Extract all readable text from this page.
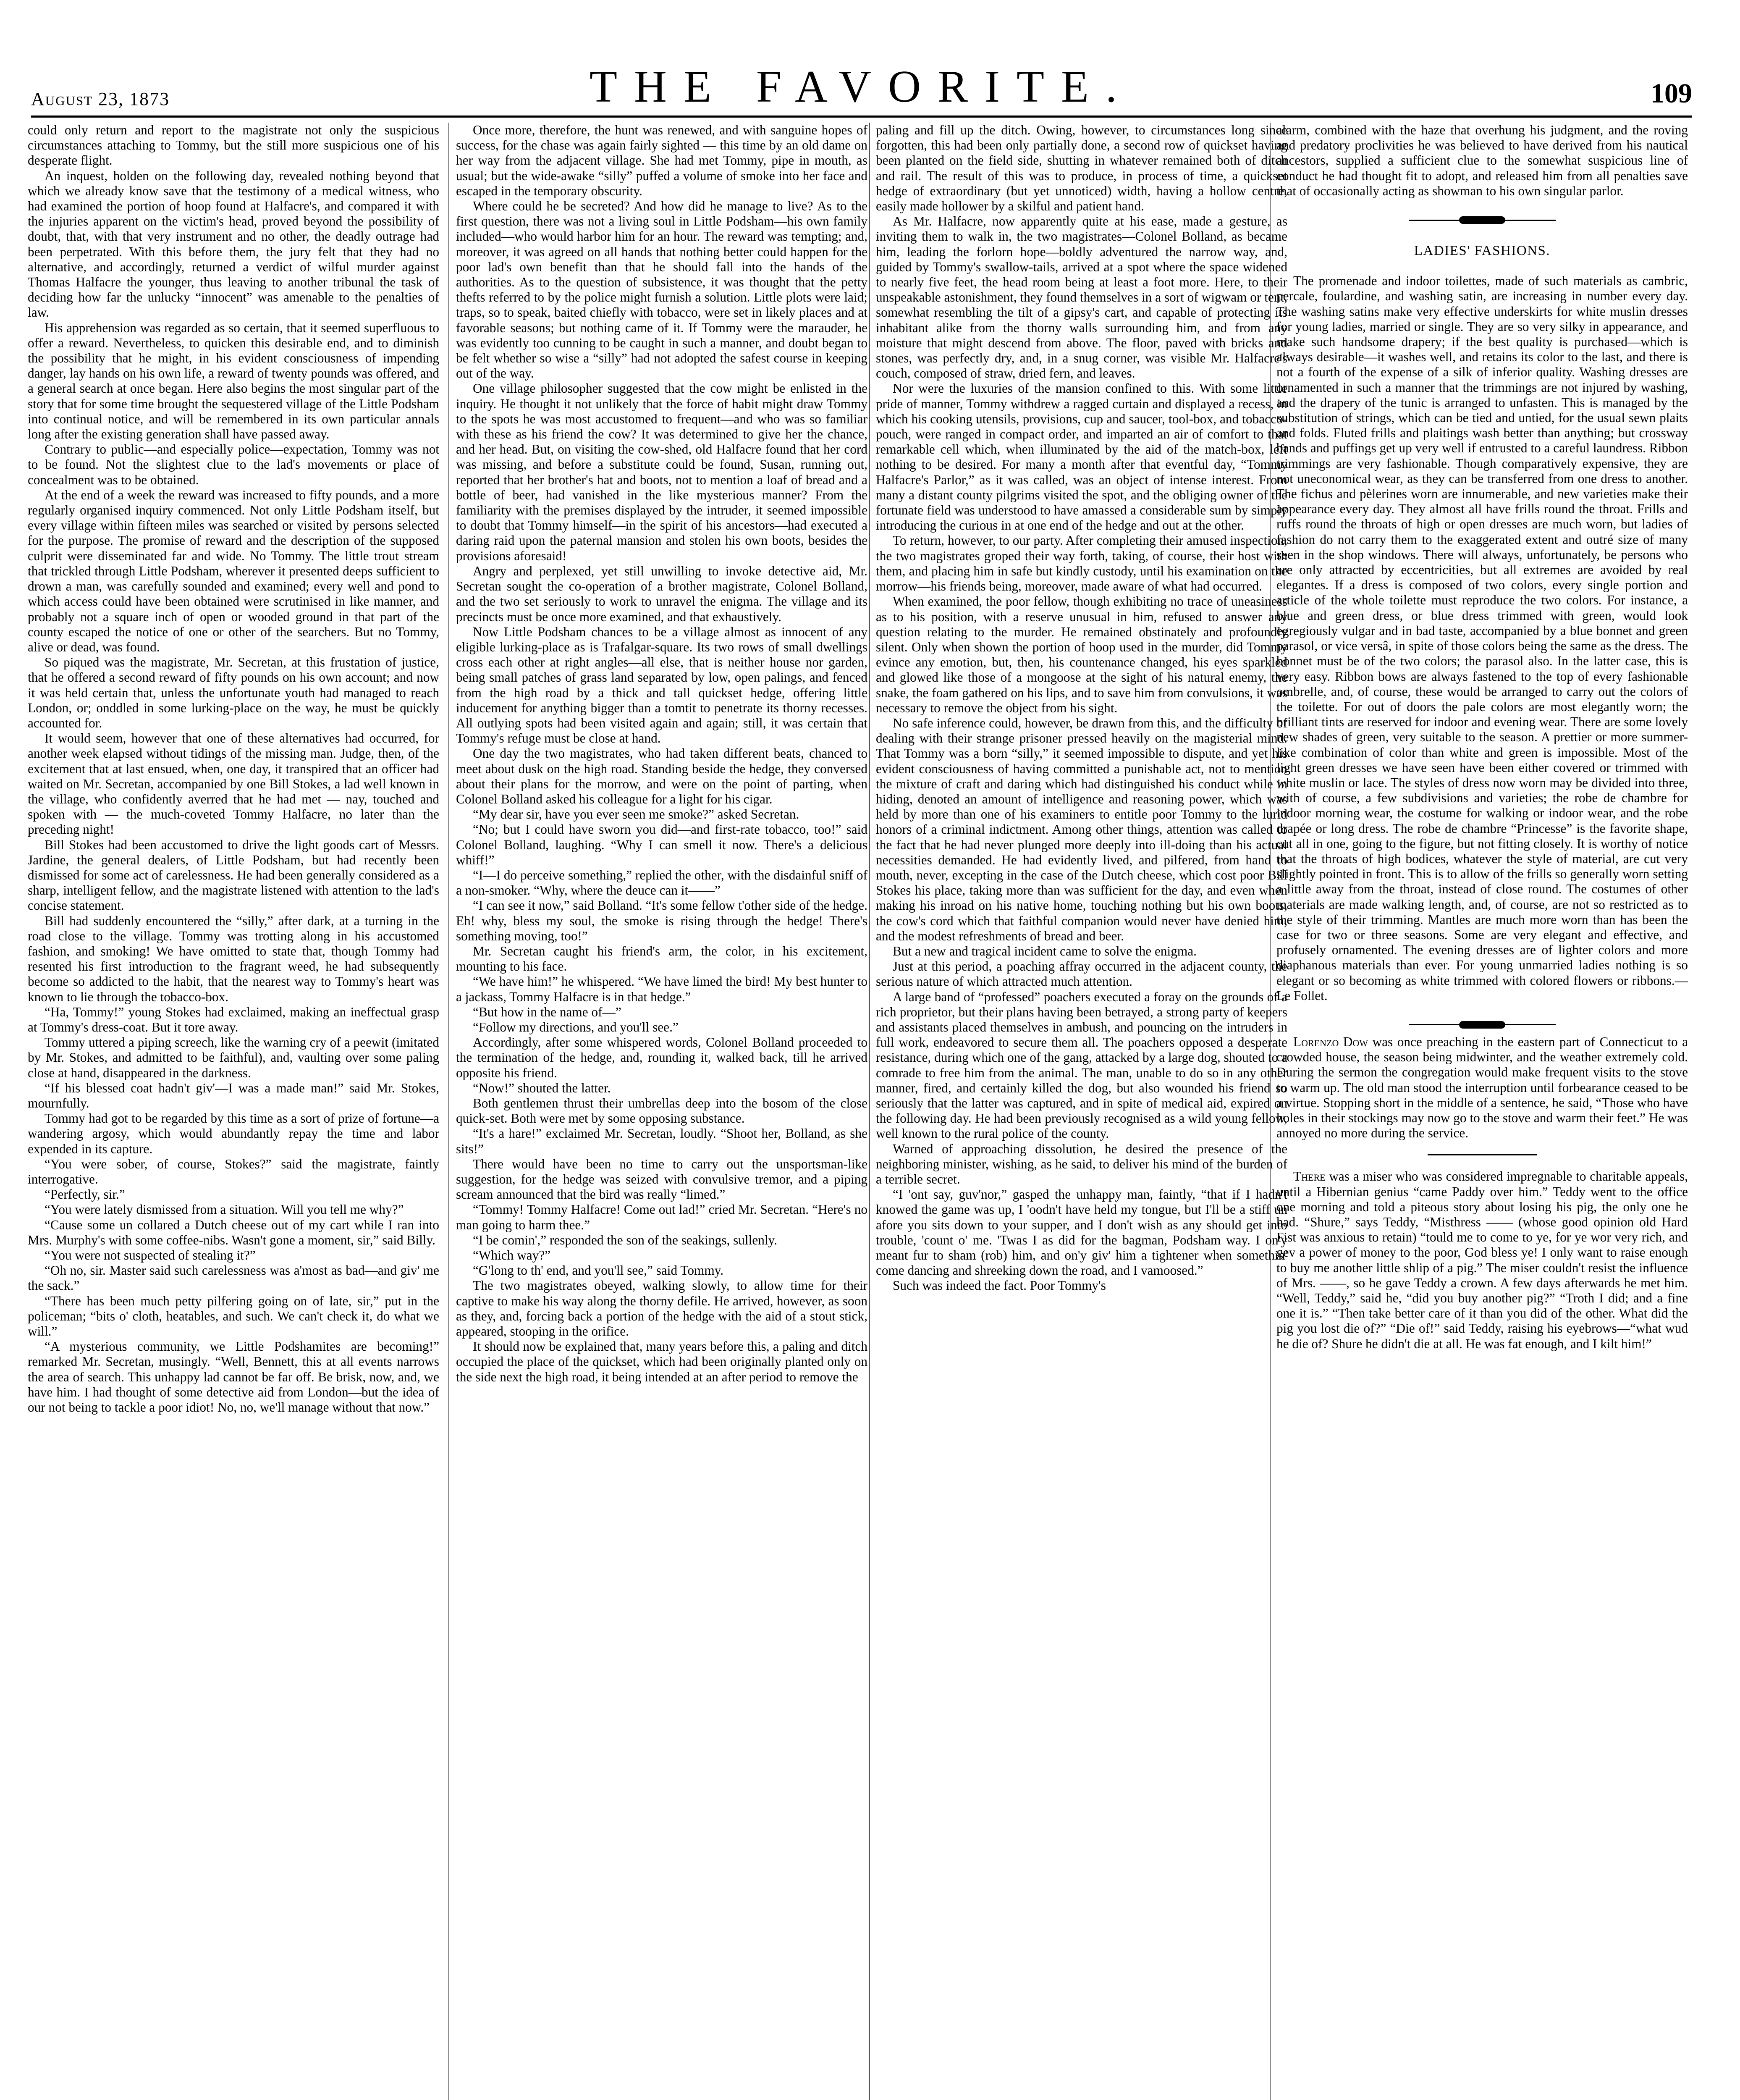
August 23, 1873	THE FAVORITE.	109

could only return and report to the magistrate not only the suspicious circumstances attaching to Tommy, but the still more suspicious one of his desperate flight.

An inquest, holden on the following day, revealed nothing beyond that which we already know save that the testimony of a medical witness, who had examined the portion of hoop found at Halfacre's, and compared it with the injuries apparent on the victim's head, proved beyond the possibility of doubt, that, with that very instrument and no other, the deadly outrage had been perpetrated. With this before them, the jury felt that they had no alternative, and accordingly, returned a verdict of wilful murder against Thomas Halfacre the younger, thus leaving to another tribunal the task of deciding how far the unlucky “innocent” was amenable to the penalties of law.

His apprehension was regarded as so certain, that it seemed superfluous to offer a reward. Nevertheless, to quicken this desirable end, and to diminish the possibility that he might, in his evident consciousness of impending danger, lay hands on his own life, a reward of twenty pounds was offered, and a general search at once began. Here also begins the most singular part of the story that for some time brought the sequestered village of the Little Podsham into continual notice, and will be remembered in its own particular annals long after the existing generation shall have passed away.

Contrary to public—and especially police—expectation, Tommy was not to be found. Not the slightest clue to the lad's movements or place of concealment was to be obtained.

At the end of a week the reward was increased to fifty pounds, and a more regularly organised inquiry commenced. Not only Little Podsham itself, but every village within fifteen miles was searched or visited by persons selected for the purpose. The promise of reward and the description of the supposed culprit were disseminated far and wide. No Tommy. The little trout stream that trickled through Little Podsham, wherever it presented deeps sufficient to drown a man, was carefully sounded and examined; every well and pond to which access could have been obtained were scrutinised in like manner, and probably not a square inch of open or wooded ground in that part of the county escaped the notice of one or other of the searchers. But no Tommy, alive or dead, was found.

So piqued was the magistrate, Mr. Secretan, at this frustation of justice, that he offered a second reward of fifty pounds on his own account; and now it was held certain that, unless the unfortunate youth had managed to reach London, or; onddled in some lurking-place on the way, he must be quickly accounted for.

It would seem, however that one of these alternatives had occurred, for another week elapsed without tidings of the missing man. Judge, then, of the excitement that at last ensued, when, one day, it transpired that an officer had waited on Mr. Secretan, accompanied by one Bill Stokes, a lad well known in the village, who confidently averred that he had met — nay, touched and spoken with — the much-coveted Tommy Halfacre, no later than the preceding night!

Bill Stokes had been accustomed to drive the light goods cart of Messrs. Jardine, the general dealers, of Little Podsham, but had recently been dismissed for some act of carelessness. He had been generally considered as a sharp, intelligent fellow, and the magistrate listened with attention to the lad's concise statement.

Bill had suddenly encountered the “silly,” after dark, at a turning in the road close to the village. Tommy was trotting along in his accustomed fashion, and smoking! We have omitted to state that, though Tommy had resented his first introduction to the fragrant weed, he had subsequently become so addicted to the habit, that the nearest way to Tommy's heart was known to lie through the tobacco-box.

“Ha, Tommy!” young Stokes had exclaimed, making an ineffectual grasp at Tommy's dress-coat. But it tore away.

Tommy uttered a piping screech, like the warning cry of a peewit (imitated by Mr. Stokes, and admitted to be faithful), and, vaulting over some paling close at hand, disappeared in the darkness.

“If his blessed coat hadn't giv'—I was a made man!” said Mr. Stokes, mournfully.

Tommy had got to be regarded by this time as a sort of prize of fortune—a wandering argosy, which would abundantly repay the time and labor expended in its capture.

“You were sober, of course, Stokes?” said the magistrate, faintly interrogative.

“Perfectly, sir.”

“You were lately dismissed from a situation. Will you tell me why?”

“Cause some un collared a Dutch cheese out of my cart while I ran into Mrs. Murphy's with some coffee-nibs. Wasn't gone a moment, sir,” said Billy.

“You were not suspected of stealing it?”

“Oh no, sir. Master said such carelessness was a'most as bad—and giv' me the sack.”

“There has been much petty pilfering going on of late, sir,” put in the policeman; “bits o' cloth, heatables, and such. We can't check it, do what we will.”

“A mysterious community, we Little Podshamites are becoming!” remarked Mr. Secretan, musingly. “Well, Bennett, this at all events narrows the area of search. This unhappy lad cannot be far off. Be brisk, now, and, we have him. I had thought of some detective aid from London—but the idea of our not being to tackle a poor idiot! No, no, we'll manage without that now.”

Once more, therefore, the hunt was renewed, and with sanguine hopes of success, for the chase was again fairly sighted — this time by an old dame on her way from the adjacent village. She had met Tommy, pipe in mouth, as usual; but the wide-awake “silly” puffed a volume of smoke into her face and escaped in the temporary obscurity.

Where could he be secreted? And how did he manage to live? As to the first question, there was not a living soul in Little Podsham—his own family included—who would harbor him for an hour. The reward was tempting; and, moreover, it was agreed on all hands that nothing better could happen for the poor lad's own benefit than that he should fall into the hands of the authorities. As to the question of subsistence, it was thought that the petty thefts referred to by the police might furnish a solution. Little plots were laid; traps, so to speak, baited chiefly with tobacco, were set in likely places and at favorable seasons; but nothing came of it. If Tommy were the marauder, he was evidently too cunning to be caught in such a manner, and doubt began to be felt whether so wise a “silly” had not adopted the safest course in keeping out of the way.

One village philosopher suggested that the cow might be enlisted in the inquiry. He thought it not unlikely that the force of habit might draw Tommy to the spots he was most accustomed to frequent—and who was so familiar with these as his friend the cow? It was determined to give her the chance, and her head. But, on visiting the cow-shed, old Halfacre found that her cord was missing, and before a substitute could be found, Susan, running out, reported that her brother's hat and boots, not to mention a loaf of bread and a bottle of beer, had vanished in the like mysterious manner? From the familiarity with the premises displayed by the intruder, it seemed impossible to doubt that Tommy himself—in the spirit of his ancestors—had executed a daring raid upon the paternal mansion and stolen his own boots, besides the provisions aforesaid!

Angry and perplexed, yet still unwilling to invoke detective aid, Mr. Secretan sought the co-operation of a brother magistrate, Colonel Bolland, and the two set seriously to work to unravel the enigma. The village and its precincts must be once more examined, and that exhaustively.

Now Little Podsham chances to be a village almost as innocent of any eligible lurking-place as is Trafalgar-square. Its two rows of small dwellings cross each other at right angles—all else, that is neither house nor garden, being small patches of grass land separated by low, open palings, and fenced from the high road by a thick and tall quickset hedge, offering little inducement for anything bigger than a tomtit to penetrate its thorny recesses. All outlying spots had been visited again and again; still, it was certain that Tommy's refuge must be close at hand.

One day the two magistrates, who had taken different beats, chanced to meet about dusk on the high road. Standing beside the hedge, they conversed about their plans for the morrow, and were on the point of parting, when Colonel Bolland asked his colleague for a light for his cigar.

“My dear sir, have you ever seen me smoke?” asked Secretan.

“No; but I could have sworn you did—and first-rate tobacco, too!” said Colonel Bolland, laughing. “Why I can smell it now. There's a delicious whiff!”

“I—I do perceive something,” replied the other, with the disdainful sniff of a non-smoker. “Why, where the deuce can it——”

“I can see it now,” said Bolland. “It's some fellow t'other side of the hedge. Eh! why, bless my soul, the smoke is rising through the hedge! There's something moving, too!”

Mr. Secretan caught his friend's arm, the color, in his excitement, mounting to his face.

“We have him!” he whispered. “We have limed the bird! My best hunter to a jackass, Tommy Halfacre is in that hedge.”

“But how in the name of—”

“Follow my directions, and you'll see.”

Accordingly, after some whispered words, Colonel Bolland proceeded to the termination of the hedge, and, rounding it, walked back, till he arrived opposite his friend.

“Now!” shouted the latter.

Both gentlemen thrust their umbrellas deep into the bosom of the close quick-set. Both were met by some opposing substance.

“It's a hare!” exclaimed Mr. Secretan, loudly. “Shoot her, Bolland, as she sits!”

There would have been no time to carry out the unsportsman-like suggestion, for the hedge was seized with convulsive tremor, and a piping scream announced that the bird was really “limed.”

“Tommy! Tommy Halfacre! Come out lad!” cried Mr. Secretan. “Here's no man going to harm thee.”

“I be comin',” responded the son of the seakings, sullenly.

“Which way?”

“G'long to th' end, and you'll see,” said Tommy.

The two magistrates obeyed, walking slowly, to allow time for their captive to make his way along the thorny defile. He arrived, however, as soon as they, and, forcing back a portion of the hedge with the aid of a stout stick, appeared, stooping in the orifice.

It should now be explained that, many years before this, a paling and ditch occupied the place of the quickset, which had been originally planted only on the side next the high road, it being intended at an after period to remove the

paling and fill up the ditch. Owing, however, to circumstances long since forgotten, this had been only partially done, a second row of quickset having been planted on the field side, shutting in whatever remained both of ditch and rail. The result of this was to produce, in process of time, a quickset hedge of extraordinary (but yet unnoticed) width, having a hollow centre, easily made hollower by a skilful and patient hand.

As Mr. Halfacre, now apparently quite at his ease, made a gesture, as inviting them to walk in, the two magistrates—Colonel Bolland, as became him, leading the forlorn hope—boldly adventured the narrow way, and, guided by Tommy's swallow-tails, arrived at a spot where the space widened to nearly five feet, the head room being at least a foot more. Here, to their unspeakable astonishment, they found themselves in a sort of wigwam or tent, somewhat resembling the tilt of a gipsy's cart, and capable of protecting its inhabitant alike from the thorny walls surrounding him, and from any moisture that might descend from above. The floor, paved with bricks and stones, was perfectly dry, and, in a snug corner, was visible Mr. Halfacre's couch, composed of straw, dried fern, and leaves.

Nor were the luxuries of the mansion confined to this. With some little pride of manner, Tommy withdrew a ragged curtain and displayed a recess, in which his cooking utensils, provisions, cup and saucer, tool-box, and tobacco-pouch, were ranged in compact order, and imparted an air of comfort to that remarkable cell which, when illuminated by the aid of the match-box, left nothing to be desired. For many a month after that eventful day, “Tommy Halfacre's Parlor,” as it was called, was an object of intense interest. From many a distant county pilgrims visited the spot, and the obliging owner of the fortunate field was understood to have amassed a considerable sum by simply introducing the curious in at one end of the hedge and out at the other.

To return, however, to our party. After completing their amused inspection, the two magistrates groped their way forth, taking, of course, their host with them, and placing him in safe but kindly custody, until his examination on the morrow—his friends being, moreover, made aware of what had occurred.

When examined, the poor fellow, though exhibiting no trace of uneasiness as to his position, with a reserve unusual in him, refused to answer any question relating to the murder. He remained obstinately and profoundly silent. Only when shown the portion of hoop used in the murder, did Tommy evince any emotion, but, then, his countenance changed, his eyes sparkled and glowed like those of a mongoose at the sight of his natural enemy, the snake, the foam gathered on his lips, and to save him from convulsions, it was necessary to remove the object from his sight.

No safe inference could, however, be drawn from this, and the difficulty of dealing with their strange prisoner pressed heavily on the magisterial mind. That Tommy was a born “silly,” it seemed impossible to dispute, and yet his evident consciousness of having committed a punishable act, not to mention the mixture of craft and daring which had distinguished his conduct while in hiding, denoted an amount of intelligence and reasoning power, which was held by more than one of his examiners to entitle poor Tommy to the lurid honors of a criminal indictment. Among other things, attention was called to the fact that he had never plunged more deeply into ill-doing than his actual necessities demanded. He had evidently lived, and pilfered, from hand to mouth, never, excepting in the case of the Dutch cheese, which cost poor Bill Stokes his place, taking more than was sufficient for the day, and even when making his inroad on his native home, touching nothing but his own boots, the cow's cord which that faithful companion would never have denied him, and the modest refreshments of bread and beer.

But a new and tragical incident came to solve the enigma.

Just at this period, a poaching affray occurred in the adjacent county, the serious nature of which attracted much attention.

A large band of “professed” poachers executed a foray on the grounds of a rich proprietor, but their plans having been betrayed, a strong party of keepers and assistants placed themselves in ambush, and pouncing on the intruders in full work, endeavored to secure them all. The poachers opposed a desperate resistance, during which one of the gang, attacked by a large dog, shouted to a comrade to free him from the animal. The man, unable to do so in any other manner, fired, and certainly killed the dog, but also wounded his friend so seriously that the latter was captured, and in spite of medical aid, expired on the following day. He had been previously recognised as a wild young fellow, well known to the rural police of the county.

Warned of approaching dissolution, he desired the presence of the neighboring minister, wishing, as he said, to deliver his mind of the burden of a terrible secret.

“I 'ont say, guv'nor,” gasped the unhappy man, faintly, “that if I hadn't knowed the game was up, I 'oodn't have held my tongue, but I'll be a stiff un afore you sits down to your supper, and I don't wish as any should get into trouble, 'count o' me. 'Twas I as did for the bagman, Podsham way. I on'y meant fur to sham (rob) him, and on'y giv' him a tightener when somethin' come dancing and shreeking down the road, and I vamoosed.”

Such was indeed the fact. Poor Tommy's

alarm, combined with the haze that overhung his judgment, and the roving and predatory proclivities he was believed to have derived from his nautical ancestors, supplied a sufficient clue to the somewhat suspicious line of conduct he had thought fit to adopt, and released him from all penalties save that of occasionally acting as showman to his own singular parlor.

LADIES' FASHIONS.

The promenade and indoor toilettes, made of such materials as cambric, percale, foulardine, and washing satin, are increasing in number every day. The washing satins make very effective underskirts for white muslin dresses for young ladies, married or single. They are so very silky in appearance, and make such handsome drapery; if the best quality is purchased—which is always desirable—it washes well, and retains its color to the last, and there is not a fourth of the expense of a silk of inferior quality. Washing dresses are ornamented in such a manner that the trimmings are not injured by washing, and the drapery of the tunic is arranged to unfasten. This is managed by the substitution of strings, which can be tied and untied, for the usual sewn plaits and folds. Fluted frills and plaitings wash better than anything; but crossway bands and puffings get up very well if entrusted to a careful laundress. Ribbon trimmings are very fashionable. Though comparatively expensive, they are not uneconomical wear, as they can be transferred from one dress to another. The fichus and pèlerines worn are innumerable, and new varieties make their appearance every day. They almost all have frills round the throat. Frills and ruffs round the throats of high or open dresses are much worn, but ladies of fashion do not carry them to the exaggerated extent and outré size of many seen in the shop windows. There will always, unfortunately, be persons who are only attracted by eccentricities, but all extremes are avoided by real elegantes. If a dress is composed of two colors, every single portion and article of the whole toilette must reproduce the two colors. For instance, a blue and green dress, or blue dress trimmed with green, would look egregiously vulgar and in bad taste, accompanied by a blue bonnet and green parasol, or vice versâ, in spite of those colors being the same as the dress. The bonnet must be of the two colors; the parasol also. In the latter case, this is very easy. Ribbon bows are always fastened to the top of every fashionable ombrelle, and, of course, these would be arranged to carry out the colors of the toilette. For out of doors the pale colors are most elegantly worn; the brilliant tints are reserved for indoor and evening wear. There are some lovely new shades of green, very suitable to the season. A prettier or more summer-like combination of color than white and green is impossible. Most of the light green dresses we have seen have been either covered or trimmed with white muslin or lace. The styles of dress now worn may be divided into three, with of course, a few subdivisions and varieties; the robe de chambre for indoor morning wear, the costume for walking or indoor wear, and the robe drapée or long dress. The robe de chambre “Princesse” is the favorite shape, cut all in one, going to the figure, but not fitting closely. It is worthy of notice that the throats of high bodices, whatever the style of material, are cut very slightly pointed in front. This is to allow of the frills so generally worn setting a little away from the throat, instead of close round. The costumes of other materials are made walking length, and, of course, are not so restricted as to the style of their trimming. Mantles are much more worn than has been the case for two or three seasons. Some are very elegant and effective, and profusely ornamented. The evening dresses are of lighter colors and more diaphanous materials than ever. For young unmarried ladies nothing is so elegant or so becoming as white trimmed with colored flowers or ribbons.—Le Follet.

Lorenzo Dow was once preaching in the eastern part of Connecticut to a crowded house, the season being midwinter, and the weather extremely cold. During the sermon the congregation would make frequent visits to the stove to warm up. The old man stood the interruption until forbearance ceased to be a virtue. Stopping short in the middle of a sentence, he said, “Those who have holes in their stockings may now go to the stove and warm their feet.” He was annoyed no more during the service.

There was a miser who was considered impregnable to charitable appeals, until a Hibernian genius “came Paddy over him.” Teddy went to the office one morning and told a piteous story about losing his pig, the only one he had. “Shure,” says Teddy, “Misthress —— (whose good opinion old Hard Fist was anxious to retain) “tould me to come to ye, for ye wor very rich, and gev a power of money to the poor, God bless ye! I only want to raise enough to buy me another little shlip of a pig.” The miser couldn't resist the influence of Mrs. ——, so he gave Teddy a crown. A few days afterwards he met him. “Well, Teddy,” said he, “did you buy another pig?” “Troth I did; and a fine one it is.” “Then take better care of it than you did of the other. What did the pig you lost die of?” “Die of!” said Teddy, raising his eyebrows—“what wud he die of? Shure he didn't die at all. He was fat enough, and I kilt him!”
